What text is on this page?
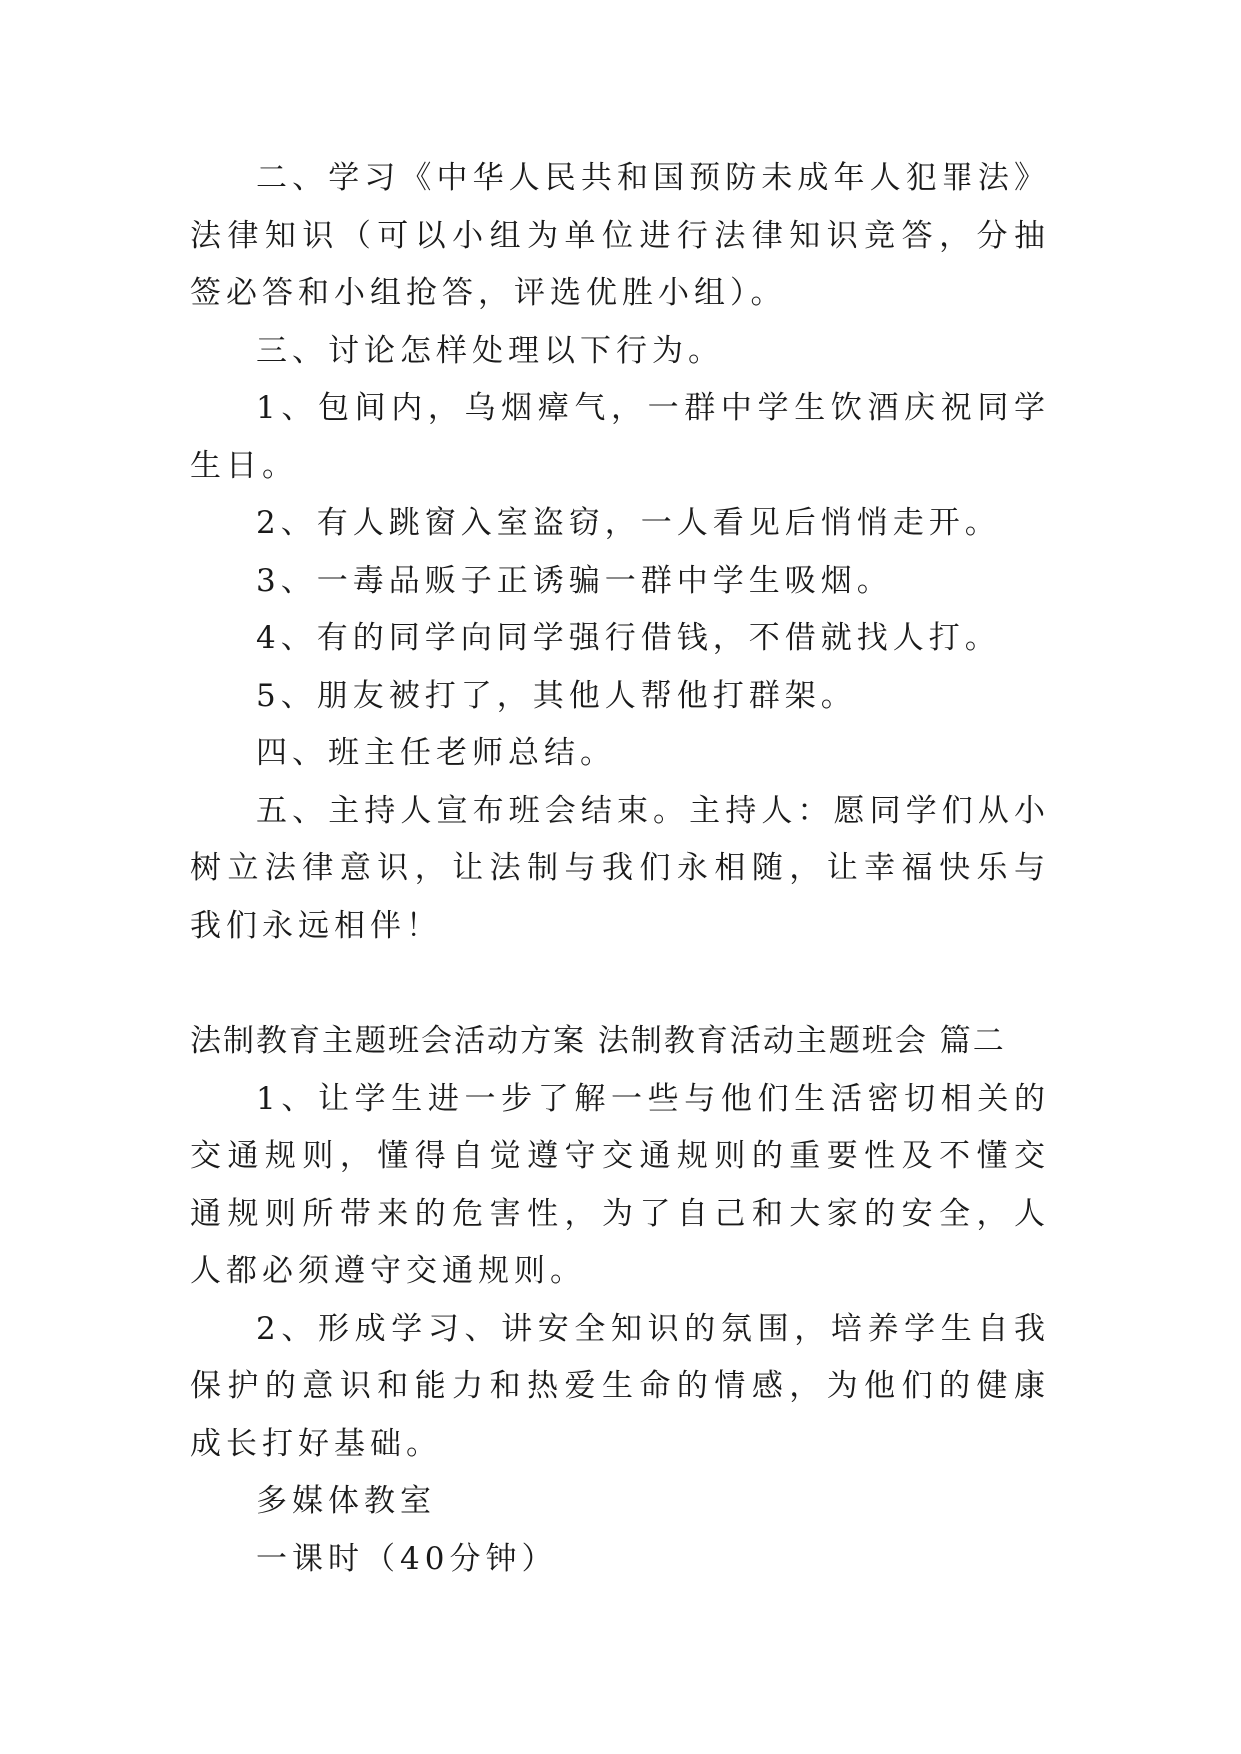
二、学习《中华人民共和国预防未成年人犯罪法》法律知识（可以小组为单位进行法律知识竞答，分抽签必答和小组抢答，评选优胜小组）。

三、讨论怎样处理以下行为。

1、包间内，乌烟瘴气，一群中学生饮酒庆祝同学生日。

2、有人跳窗入室盗窃，一人看见后悄悄走开。

3、一毒品贩子正诱骗一群中学生吸烟。

4、有的同学向同学强行借钱，不借就找人打。

5、朋友被打了，其他人帮他打群架。

四、班主任老师总结。

五、主持人宣布班会结束。主持人：愿同学们从小树立法律意识，让法制与我们永相随，让幸福快乐与我们永远相伴！

法制教育主题班会活动方案 法制教育活动主题班会 篇二

1、让学生进一步了解一些与他们生活密切相关的交通规则，懂得自觉遵守交通规则的重要性及不懂交通规则所带来的危害性，为了自己和大家的安全，人人都必须遵守交通规则。

2、形成学习、讲安全知识的氛围，培养学生自我保护的意识和能力和热爱生命的情感，为他们的健康成长打好基础。

多媒体教室

一课时（40分钟）
